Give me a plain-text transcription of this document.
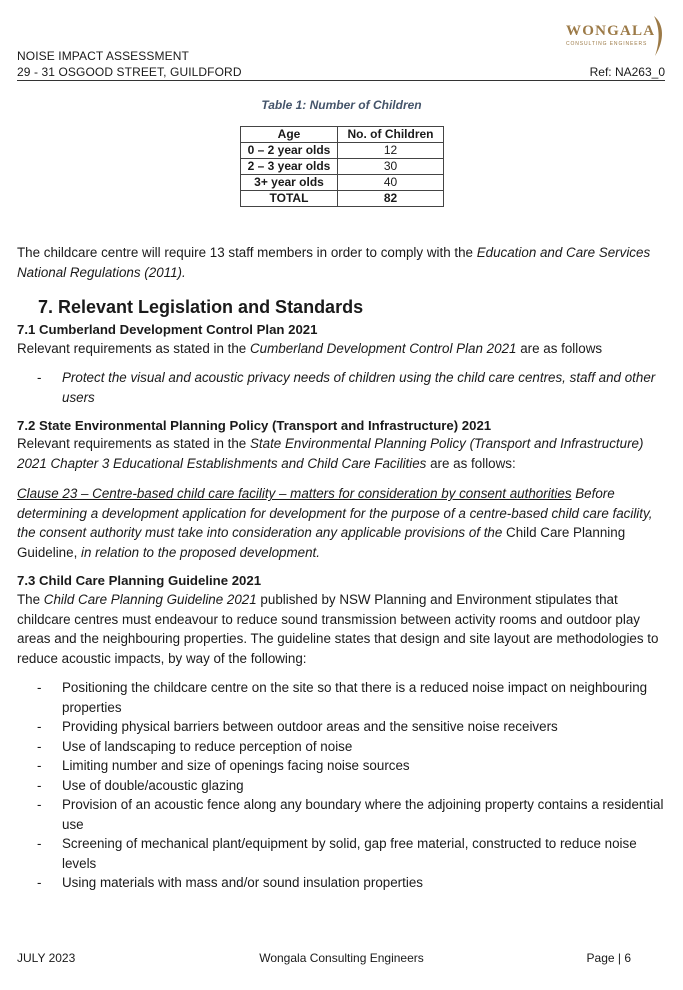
NOISE IMPACT ASSESSMENT
29 - 31 OSGOOD STREET, GUILDFORD	Ref: NA263_0
WONGALA
CONSULTING ENGINEERS
Table 1: Number of Children
Age	No. of Children
0 – 2 year olds	12
2 – 3 year olds	30
3+ year olds	40
TOTAL	82
The childcare centre will require 13 staff members in order to comply with the Education and Care Services National Regulations (2011).
7. Relevant Legislation and Standards
7.1 Cumberland Development Control Plan 2021
Relevant requirements as stated in the Cumberland Development Control Plan 2021 are as follows
- Protect the visual and acoustic privacy needs of children using the child care centres, staff and other users
7.2 State Environmental Planning Policy (Transport and Infrastructure) 2021
Relevant requirements as stated in the State Environmental Planning Policy (Transport and Infrastructure) 2021 Chapter 3 Educational Establishments and Child Care Facilities are as follows:
Clause 23 – Centre-based child care facility – matters for consideration by consent authorities Before determining a development application for development for the purpose of a centre-based child care facility, the consent authority must take into consideration any applicable provisions of the Child Care Planning Guideline, in relation to the proposed development.
7.3 Child Care Planning Guideline 2021
The Child Care Planning Guideline 2021 published by NSW Planning and Environment stipulates that childcare centres must endeavour to reduce sound transmission between activity rooms and outdoor play areas and the neighbouring properties. The guideline states that design and site layout are methodologies to reduce acoustic impacts, by way of the following:
- Positioning the childcare centre on the site so that there is a reduced noise impact on neighbouring properties
- Providing physical barriers between outdoor areas and the sensitive noise receivers
- Use of landscaping to reduce perception of noise
- Limiting number and size of openings facing noise sources
- Use of double/acoustic glazing
- Provision of an acoustic fence along any boundary where the adjoining property contains a residential use
- Screening of mechanical plant/equipment by solid, gap free material, constructed to reduce noise levels
- Using materials with mass and/or sound insulation properties
JULY 2023	Wongala Consulting Engineers	Page | 6
